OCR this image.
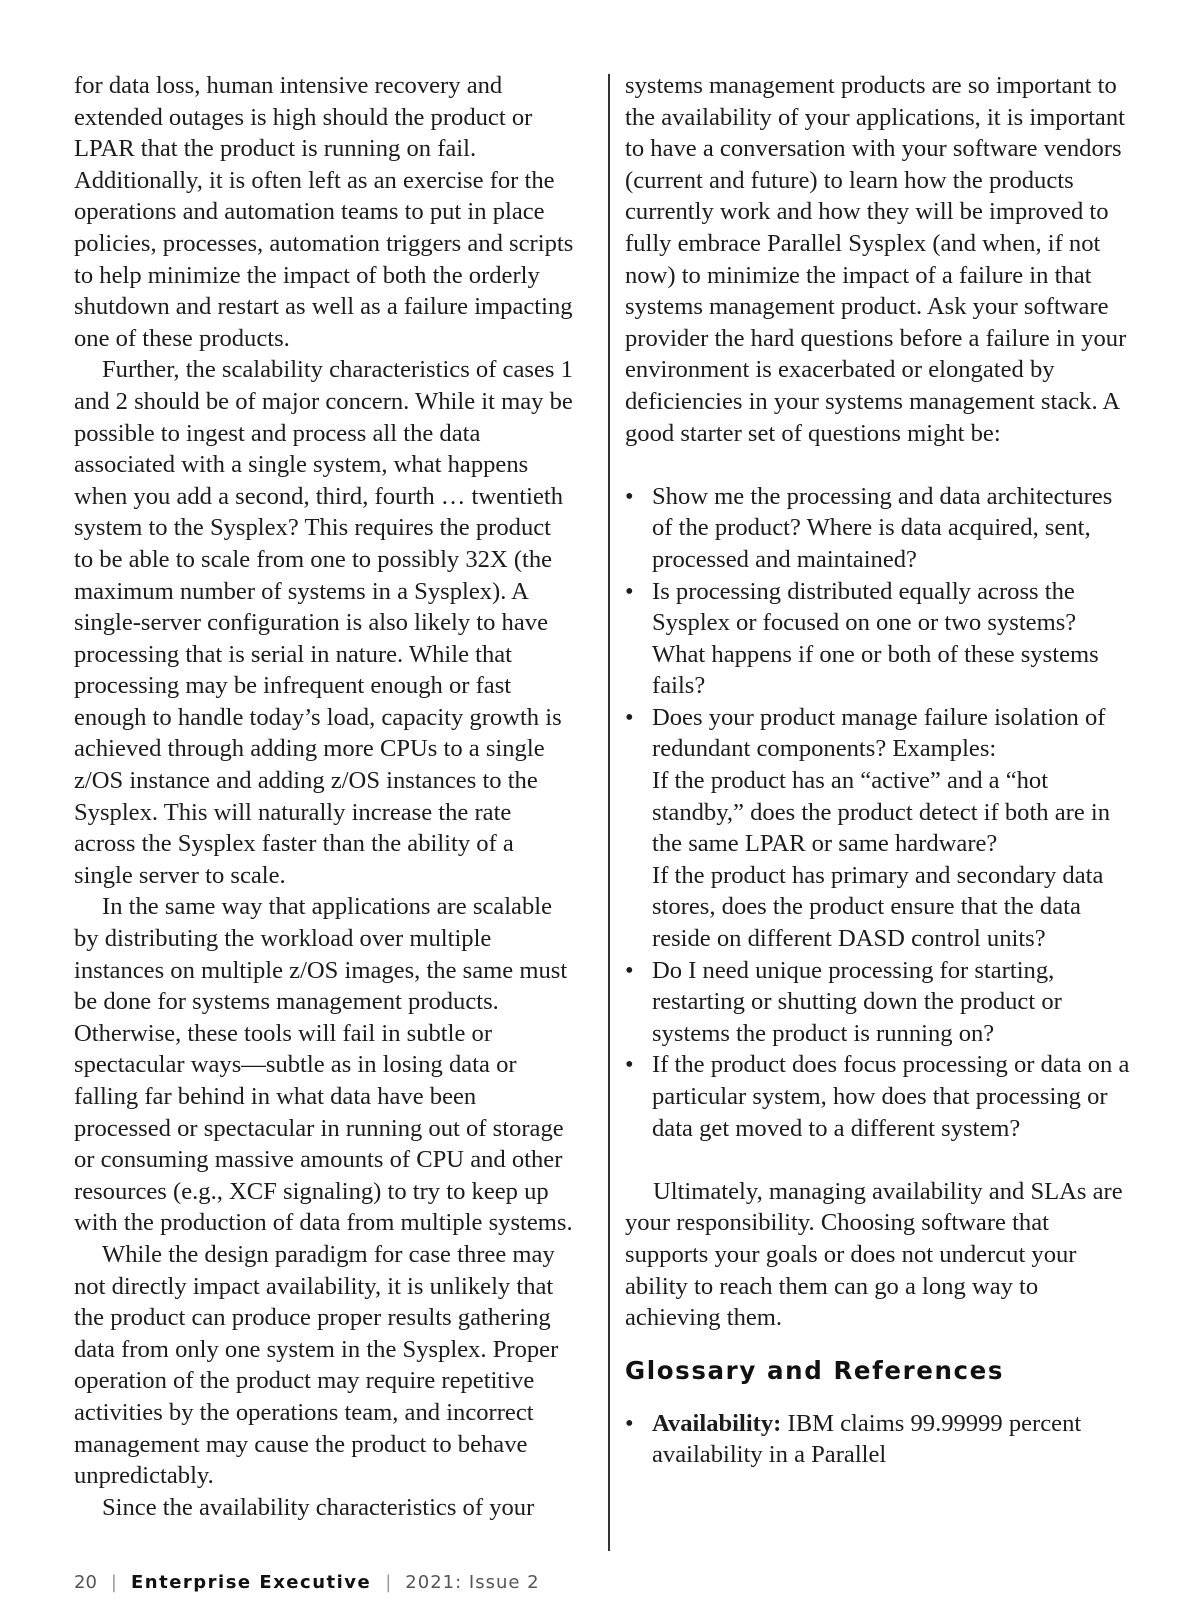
for data loss, human intensive recovery and extended outages is high should the product or LPAR that the product is running on fail. Additionally, it is often left as an exercise for the operations and automation teams to put in place policies, processes, automation triggers and scripts to help minimize the impact of both the orderly shutdown and restart as well as a failure impacting one of these products.

Further, the scalability characteristics of cases 1 and 2 should be of major concern. While it may be possible to ingest and process all the data associated with a single system, what happens when you add a second, third, fourth … twentieth system to the Sysplex? This requires the product to be able to scale from one to possibly 32X (the maximum number of systems in a Sysplex). A single-server configuration is also likely to have processing that is serial in nature. While that processing may be infrequent enough or fast enough to handle today’s load, capacity growth is achieved through adding more CPUs to a single z/OS instance and adding z/OS instances to the Sysplex. This will naturally increase the rate across the Sysplex faster than the ability of a single server to scale.

In the same way that applications are scalable by distributing the workload over multiple instances on multiple z/OS images, the same must be done for systems management products. Otherwise, these tools will fail in subtle or spectacular ways—subtle as in losing data or falling far behind in what data have been processed or spectacular in running out of storage or consuming massive amounts of CPU and other resources (e.g., XCF signaling) to try to keep up with the production of data from multiple systems.

While the design paradigm for case three may not directly impact availability, it is unlikely that the product can produce proper results gathering data from only one system in the Sysplex. Proper operation of the product may require repetitive activities by the operations team, and incorrect management may cause the product to behave unpredictably.

Since the availability characteristics of your

systems management products are so important to the availability of your applications, it is important to have a conversation with your software vendors (current and future) to learn how the products currently work and how they will be improved to fully embrace Parallel Sysplex (and when, if not now) to minimize the impact of a failure in that systems management product. Ask your software provider the hard questions before a failure in your environment is exacerbated or elongated by deficiencies in your systems management stack. A good starter set of questions might be:

• Show me the processing and data architectures of the product? Where is data acquired, sent, processed and maintained?
• Is processing distributed equally across the Sysplex or focused on one or two systems? What happens if one or both of these systems fails?
• Does your product manage failure isolation of redundant components? Examples:

If the product has an “active” and a “hot standby,” does the product detect if both are in the same LPAR or same hardware?

If the product has primary and secondary data stores, does the product ensure that the data reside on different DASD control units?

• Do I need unique processing for starting, restarting or shutting down the product or systems the product is running on?
• If the product does focus processing or data on a particular system, how does that processing or data get moved to a different system?

Ultimately, managing availability and SLAs are your responsibility. Choosing software that supports your goals or does not undercut your ability to reach them can go a long way to achieving them.

Glossary and References
• Availability: IBM claims 99.99999 percent availability in a Parallel
20 | Enterprise Executive | 2021: Issue 2
